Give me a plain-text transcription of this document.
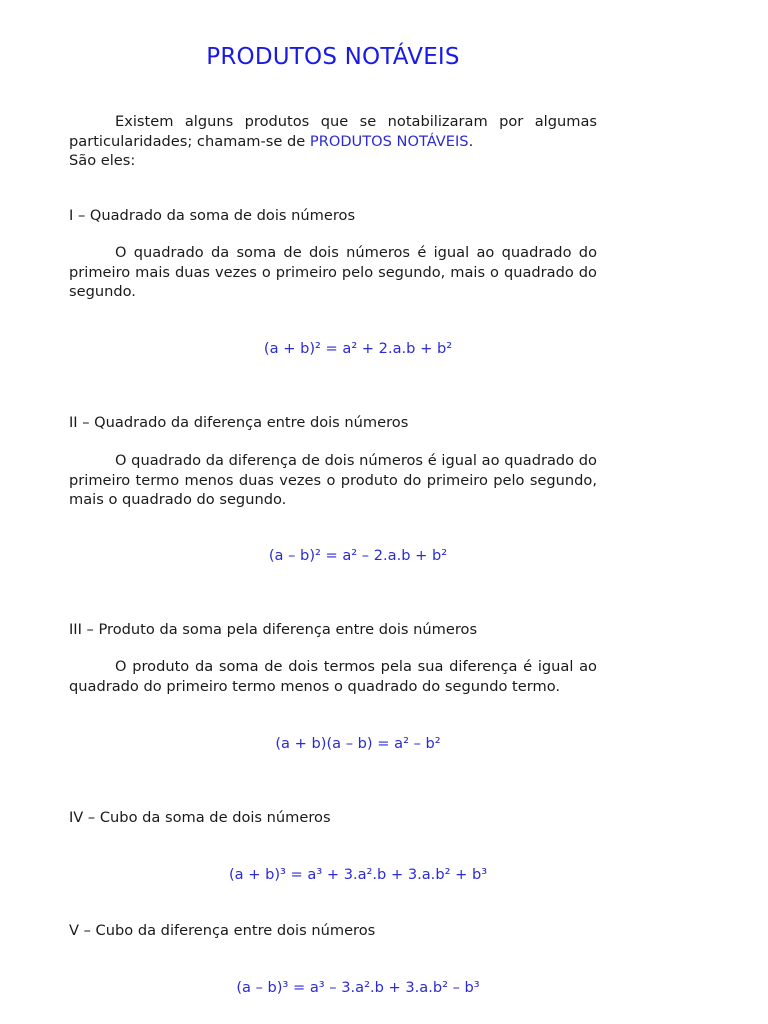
PRODUTOS NOTÁVEIS

Existem alguns produtos que se notabilizaram por algumas particularidades; chamam-se de PRODUTOS NOTÁVEIS.
São eles:

I – Quadrado da soma de dois números

O quadrado da soma de dois números é igual ao quadrado do primeiro mais duas vezes o primeiro pelo segundo, mais o quadrado do segundo.

(a + b)² = a² + 2.a.b + b²

II – Quadrado da diferença entre dois números

O quadrado da diferença de dois números é igual ao quadrado do primeiro termo menos duas vezes o produto do primeiro pelo segundo, mais o quadrado do segundo.

(a – b)² = a² – 2.a.b + b²

III – Produto da soma pela diferença entre dois números

O produto da soma de dois termos pela sua diferença é igual ao quadrado do primeiro termo menos o quadrado do segundo termo.

(a + b)(a – b) = a² – b²

IV – Cubo da soma de dois números

(a + b)³ = a³ + 3.a².b + 3.a.b² + b³

V – Cubo da diferença entre dois números

(a – b)³ = a³ – 3.a².b + 3.a.b² – b³
